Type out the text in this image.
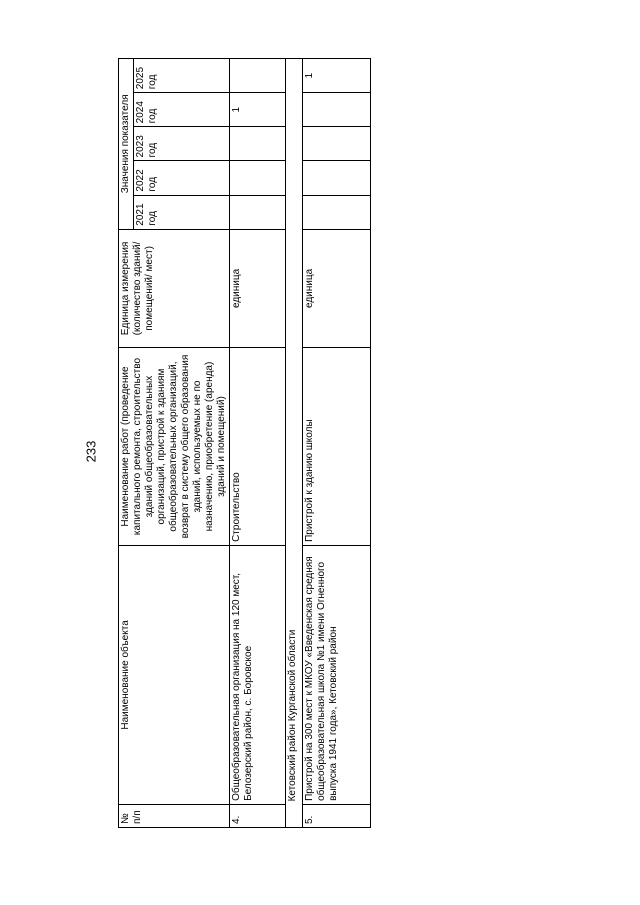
233
№ п/п	Наименование объекта	Наименование работ (проведение капитального ремонта, строительство зданий общеобразовательных организаций, пристрой к зданиям общеобразовательных организаций, возврат в систему общего образования зданий, используемых не по назначению, приобретение (аренда) зданий и помещений)	Единица измерения (количество зданий/ помещений/ мест)	Значения показателя				
				2021 год	2022 год	2023 год	2024 год	2025 год
4.	Общеобразовательная организация на 120 мест, Белозерский район, с. Боровское	Строительство	единица				1	
	Кетовский район Курганской области							
5.	Пристрой на 300 мест к МКОУ «Введенская средняя общеобразовательная школа №1 имени Огненного выпуска 1941 года», Кетовский район	Пристрой к зданию школы	единица					1
